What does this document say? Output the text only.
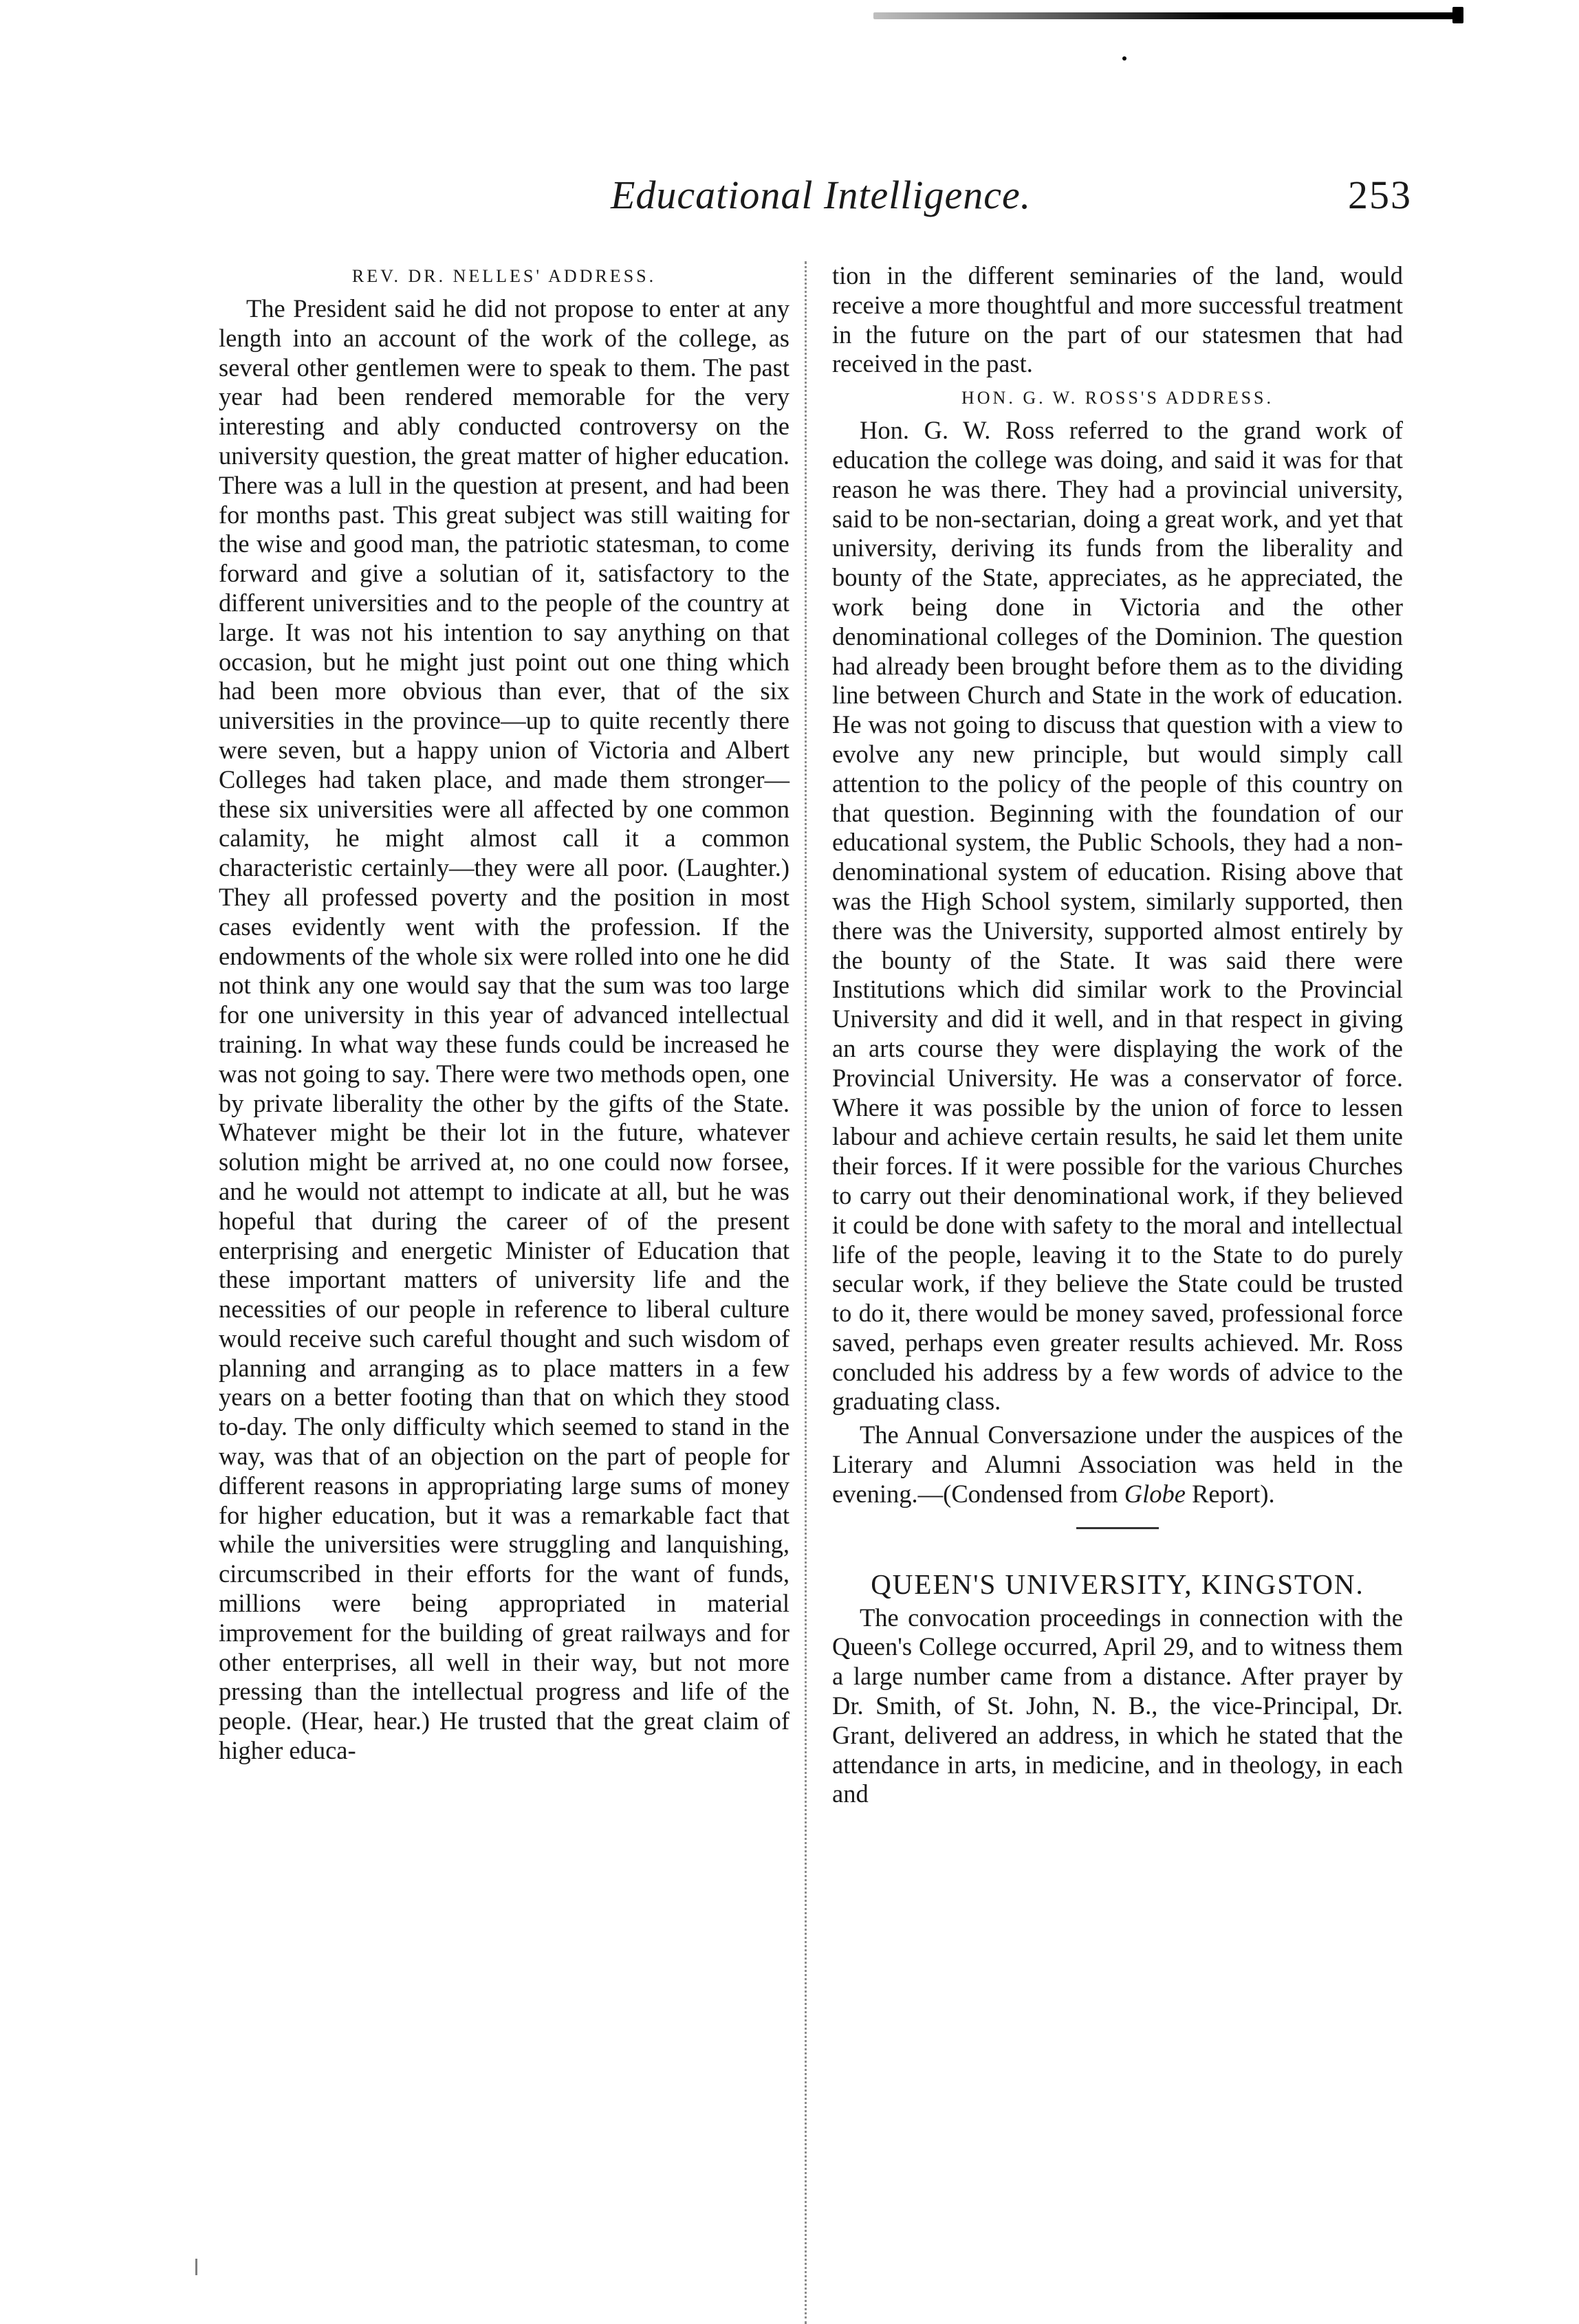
Educational Intelligence.	253
REV. DR. NELLES' ADDRESS.

The President said he did not propose to enter at any length into an account of the work of the college, as several other gentlemen were to speak to them. The past year had been rendered memorable for the very interesting and ably conducted controversy on the university question, the great matter of higher education. There was a lull in the question at present, and had been for months past. This great subject was still waiting for the wise and good man, the patriotic statesman, to come forward and give a solutian of it, satisfactory to the different universities and to the people of the country at large. It was not his intention to say anything on that occasion, but he might just point out one thing which had been more obvious than ever, that of the six universities in the province—up to quite recently there were seven, but a happy union of Victoria and Albert Colleges had taken place, and made them stronger—these six universities were all affected by one common calamity, he might almost call it a common characteristic certainly—they were all poor. (Laughter.) They all professed poverty and the position in most cases evidently went with the profession. If the endowments of the whole six were rolled into one he did not think any one would say that the sum was too large for one university in this year of advanced intellectual training. In what way these funds could be increased he was not going to say. There were two methods open, one by private liberality the other by the gifts of the State. Whatever might be their lot in the future, whatever solution might be arrived at, no one could now forsee, and he would not attempt to indicate at all, but he was hopeful that during the career of of the present enterprising and energetic Minister of Education that these important matters of university life and the necessities of our people in reference to liberal culture would receive such careful thought and such wisdom of planning and arranging as to place matters in a few years on a better footing than that on which they stood to-day. The only difficulty which seemed to stand in the way, was that of an objection on the part of people for different reasons in appropriating large sums of money for higher education, but it was a remarkable fact that while the universities were struggling and lanquishing, circumscribed in their efforts for the want of funds, millions were being appropriated in material improvement for the building of great railways and for other enterprises, all well in their way, but not more pressing than the intellectual progress and life of the people. (Hear, hear.) He trusted that the great claim of higher educa-

tion in the different seminaries of the land, would receive a more thoughtful and more successful treatment in the future on the part of our statesmen that had received in the past.

HON. G. W. ROSS'S ADDRESS.

Hon. G. W. Ross referred to the grand work of education the college was doing, and said it was for that reason he was there. They had a provincial university, said to be non-sectarian, doing a great work, and yet that university, deriving its funds from the liberality and bounty of the State, appreciates, as he appreciated, the work being done in Victoria and the other denominational colleges of the Dominion. The question had already been brought before them as to the dividing line between Church and State in the work of education. He was not going to discuss that question with a view to evolve any new principle, but would simply call attention to the policy of the people of this country on that question. Beginning with the foundation of our educational system, the Public Schools, they had a non-denominational system of education. Rising above that was the High School system, similarly supported, then there was the University, supported almost entirely by the bounty of the State. It was said there were Institutions which did similar work to the Provincial University and did it well, and in that respect in giving an arts course they were displaying the work of the Provincial University. He was a conservator of force. Where it was possible by the union of force to lessen labour and achieve certain results, he said let them unite their forces. If it were possible for the various Churches to carry out their denominational work, if they believed it could be done with safety to the moral and intellectual life of the people, leaving it to the State to do purely secular work, if they believe the State could be trusted to do it, there would be money saved, professional force saved, perhaps even greater results achieved. Mr. Ross concluded his address by a few words of advice to the graduating class.

The Annual Conversazione under the auspices of the Literary and Alumni Association was held in the evening.—(Condensed from Globe Report).

QUEEN'S UNIVERSITY, KINGSTON.

The convocation proceedings in connection with the Queen's College occurred, April 29, and to witness them a large number came from a distance. After prayer by Dr. Smith, of St. John, N. B., the vice-Principal, Dr. Grant, delivered an address, in which he stated that the attendance in arts, in medicine, and in theology, in each and
